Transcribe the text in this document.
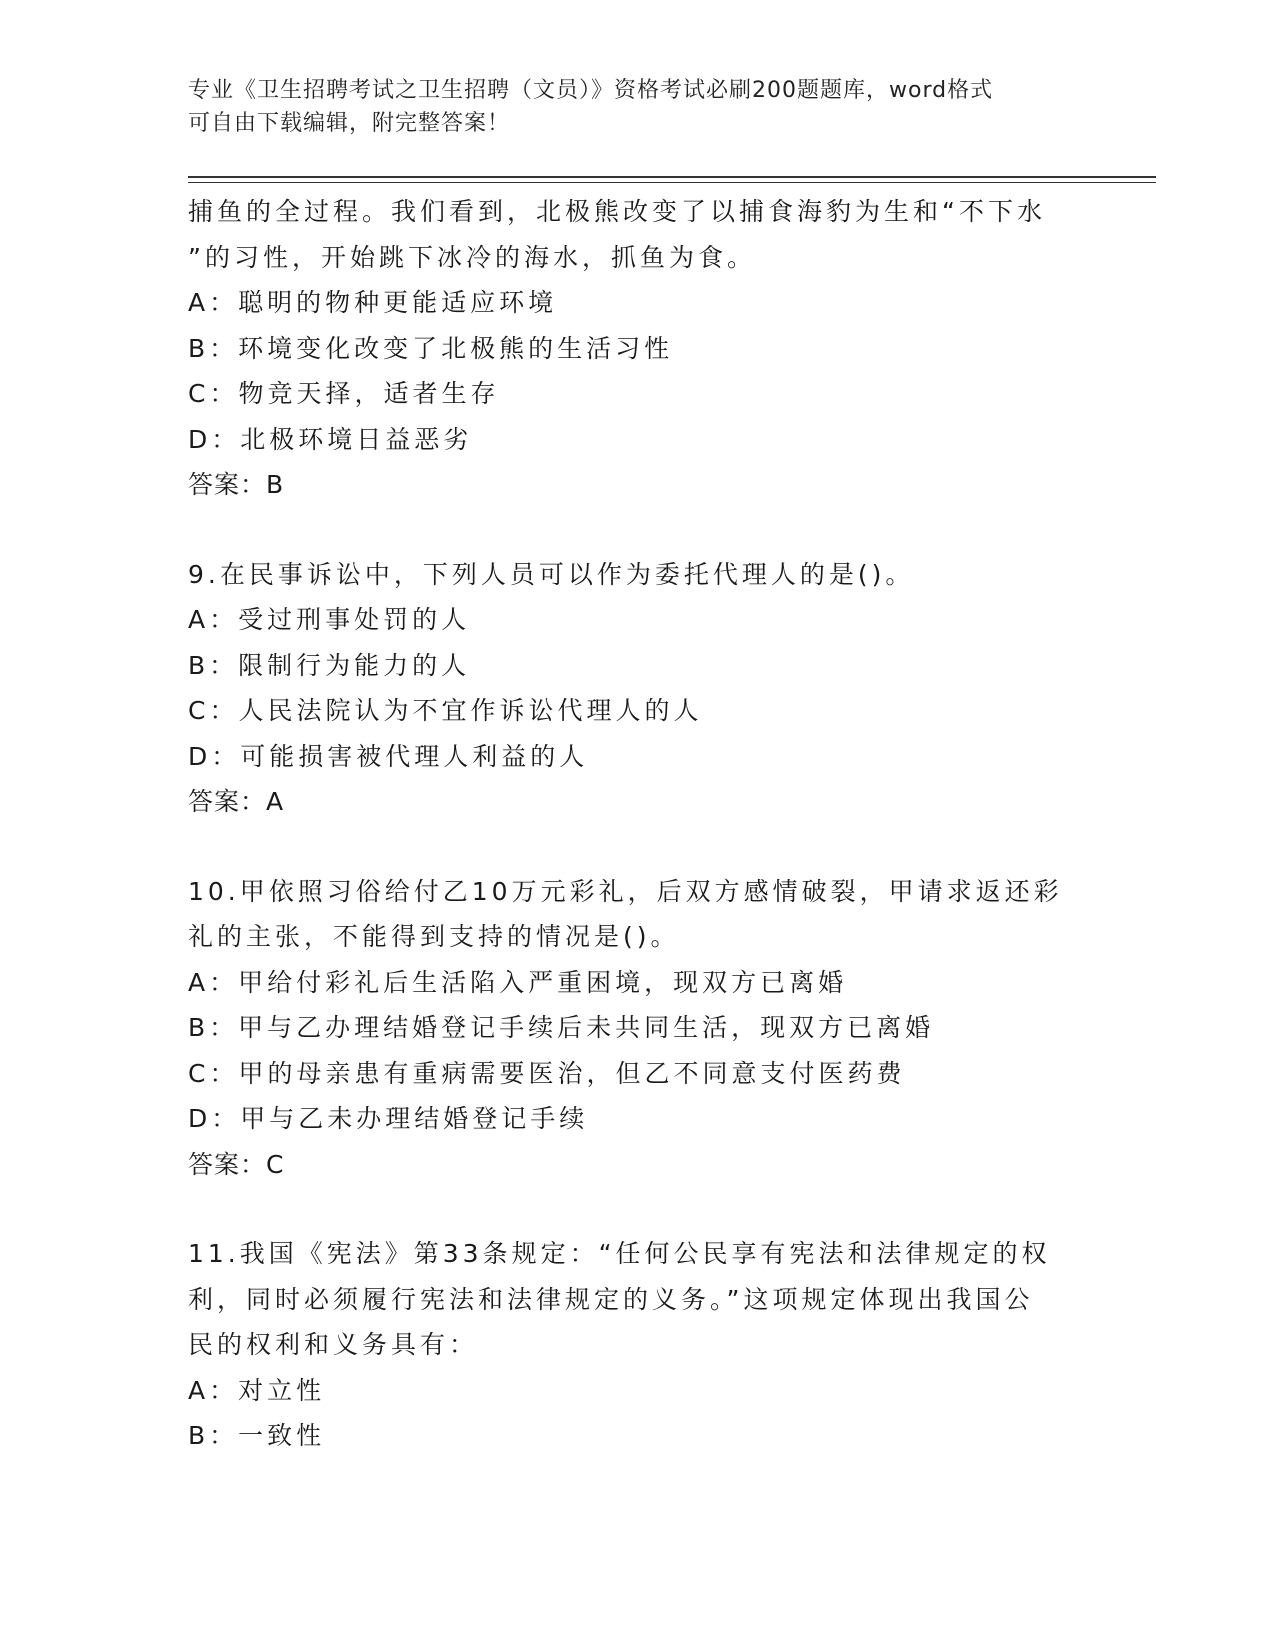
专业《卫生招聘考试之卫生招聘（文员）》资格考试必刷200题题库，word格式
可自由下载编辑，附完整答案！
捕鱼的全过程。我们看到，北极熊改变了以捕食海豹为生和“不下水
”的习性，开始跳下冰冷的海水，抓鱼为食。
A：聪明的物种更能适应环境
B：环境变化改变了北极熊的生活习性
C：物竞天择，适者生存
D：北极环境日益恶劣
答案：B
9.在民事诉讼中，下列人员可以作为委托代理人的是()。
A：受过刑事处罚的人
B：限制行为能力的人
C：人民法院认为不宜作诉讼代理人的人
D：可能损害被代理人利益的人
答案：A
10.甲依照习俗给付乙10万元彩礼，后双方感情破裂，甲请求返还彩
礼的主张，不能得到支持的情况是()。
A：甲给付彩礼后生活陷入严重困境，现双方已离婚
B：甲与乙办理结婚登记手续后未共同生活，现双方已离婚
C：甲的母亲患有重病需要医治，但乙不同意支付医药费
D：甲与乙未办理结婚登记手续
答案：C
11.我国《宪法》第33条规定：“任何公民享有宪法和法律规定的权
利，同时必须履行宪法和法律规定的义务。”这项规定体现出我国公
民的权利和义务具有：
A：对立性
B：一致性
